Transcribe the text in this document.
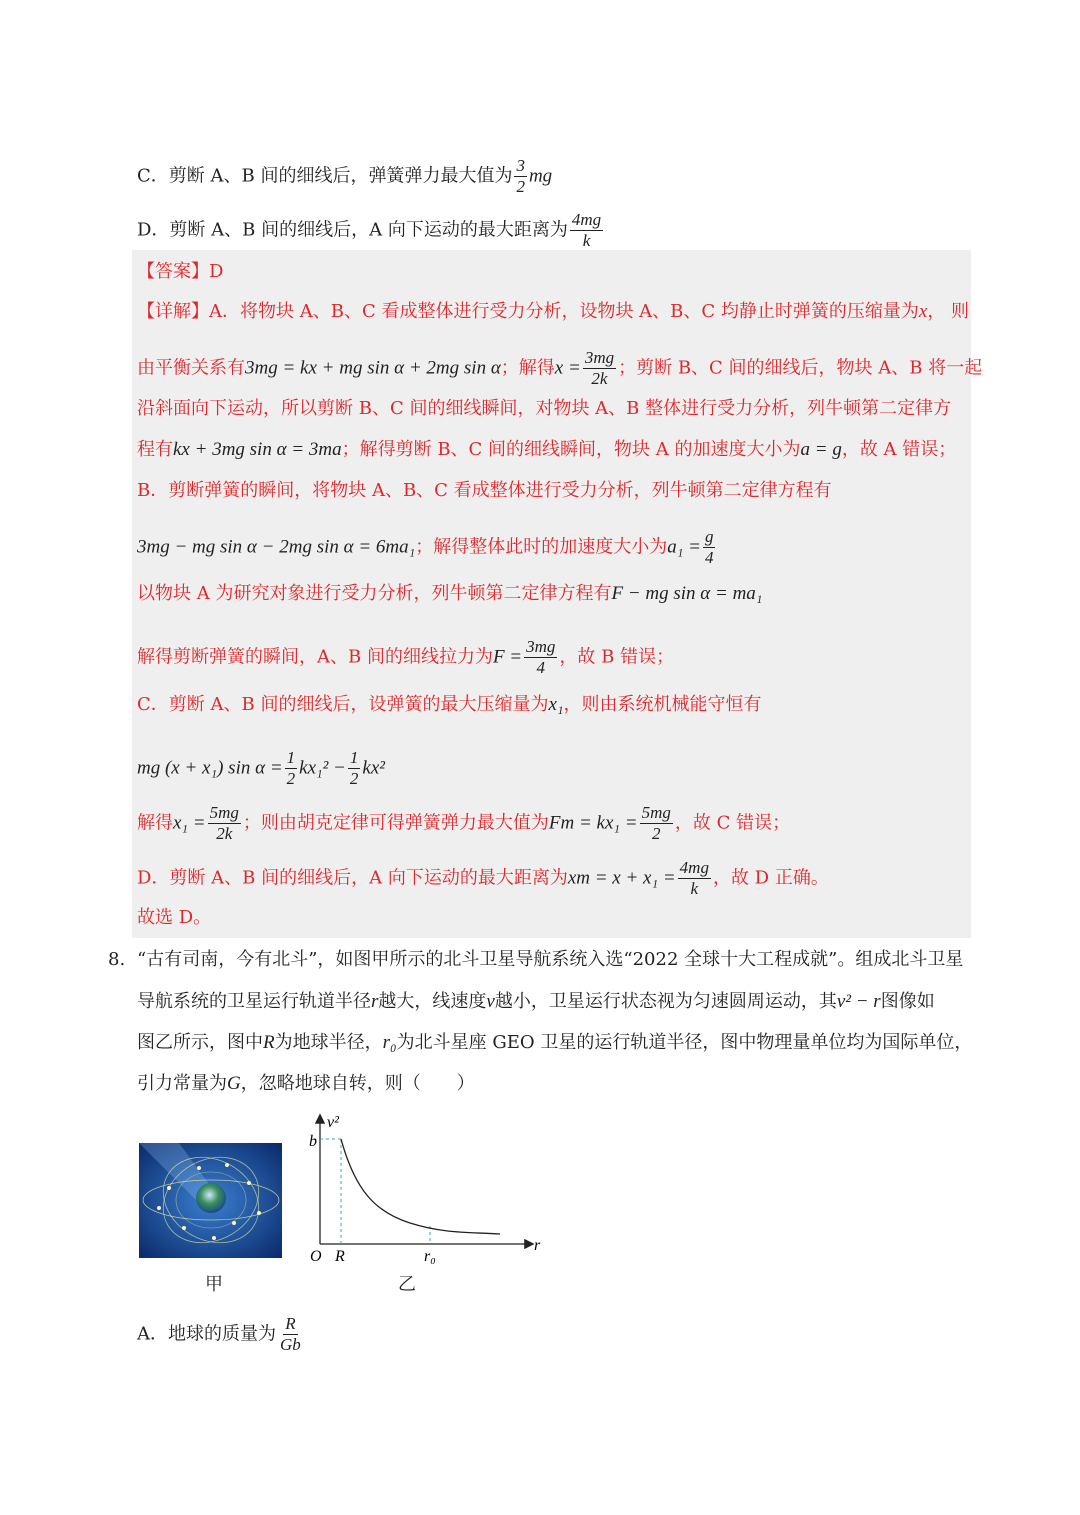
C．剪断 A、B 间的细线后，弹簧弹力最大值为 $\frac{3}{2}$ mg
D．剪断 A、B 间的细线后，A 向下运动的最大距离为 $\frac{4mg}{k}$
【答案】D
【详解】A．将物块 A、B、C 看成整体进行受力分析，设物块 A、B、C 均静止时弹簧的压缩量为x， 则
由平衡关系有3mg = kx + mg sin α + 2mg sin α；解得$x = \frac{3mg}{2k}$ ；剪断 B、C 间的细线后，物块 A、B 将一起
沿斜面向下运动，所以剪断 B、C 间的细线瞬间，对物块 A、B 整体进行受力分析，列牛顿第二定律方
程有kx + 3mg sin α = 3ma；解得剪断 B、C 间的细线瞬间，物块 A 的加速度大小为a = g，故 A 错误；
B．剪断弹簧的瞬间，将物块 A、B、C 看成整体进行受力分析，列牛顿第二定律方程有
3mg − mg sin α − 2mg sin α = 6ma₁；解得整体此时的加速度大小为$a_1 = \frac{g}{4}$
以物块 A 为研究对象进行受力分析，列牛顿第二定律方程有F − mg sin α = ma₁
解得剪断弹簧的瞬间，A、B 间的细线拉力为$F = \frac{3mg}{4}$ ，故 B 错误；
C．剪断 A、B 间的细线后，设弹簧的最大压缩量为x₁，则由系统机械能守恒有
mg (x + x₁) $\sin \alpha = \frac{1}{2} kx_1^2 - \frac{1}{2} kx^2$
解得$x_1 = \frac{5mg}{2k}$ ；则由胡克定律可得弹簧弹力最大值为$Fm = kx_1 = \frac{5mg}{2}$ ，故 C 错误；
D．剪断 A、B 间的细线后，A 向下运动的最大距离为xm = $x + x_1 = \frac{4mg}{k}$ ，故 D 正确。
故选 D。
8. “古有司南，今有北斗”，如图甲所示的北斗卫星导航系统入选“2022 全球十大工程成就”。组成北斗卫星
导航系统的卫星运行轨道半径r越大，线速度v越小，卫星运行状态视为匀速圆周运动，其v² − r图像如
图乙所示，图中R为地球半径，r₀为北斗星座 GEO 卫星的运行轨道半径，图中物理量单位均为国际单位，
引力常量为G，忽略地球自转，则（　　）
甲
v²
b
O R	r₀
r
乙
A．地球的质量为 $\frac{R}{Gb}$
